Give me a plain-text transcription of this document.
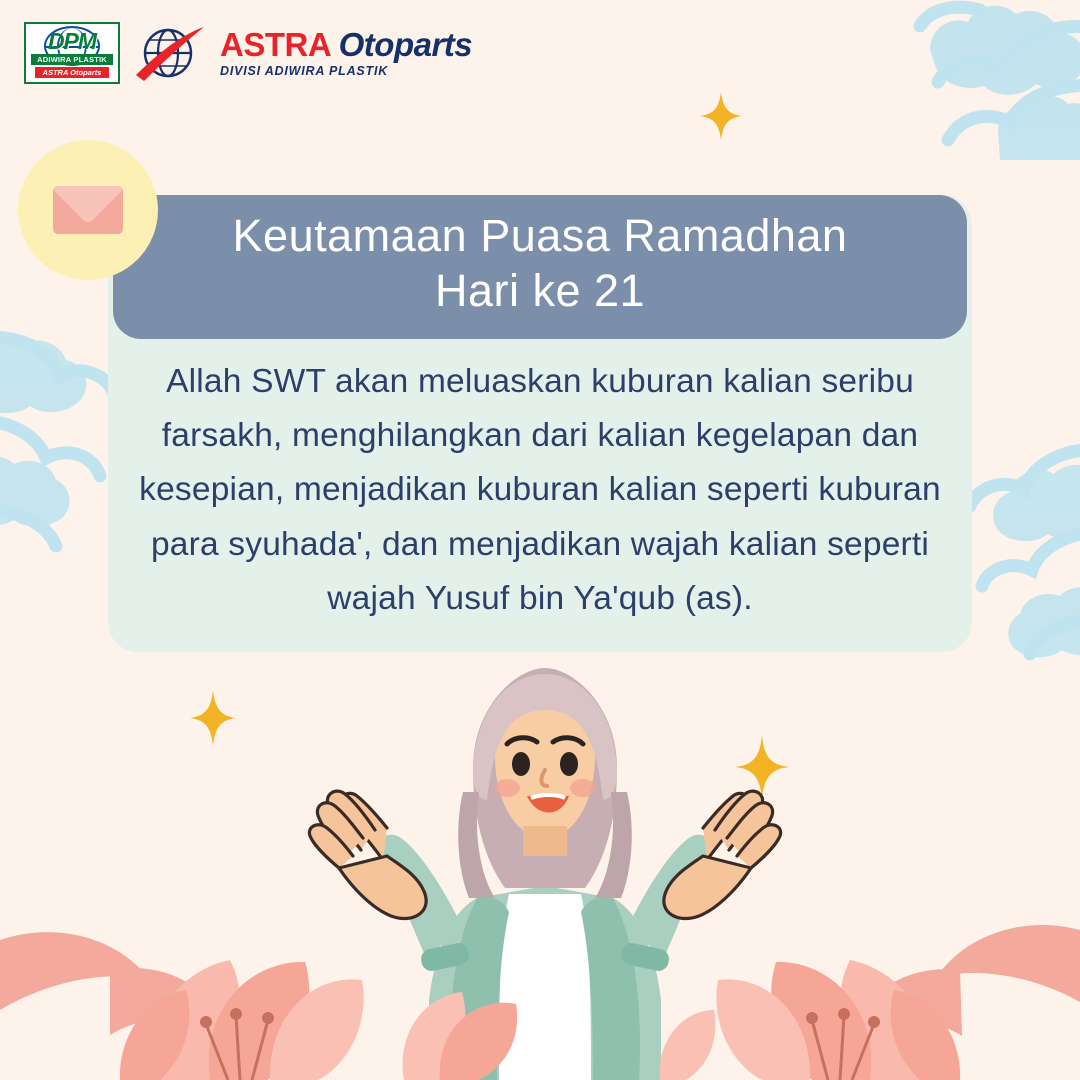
DPM
ADIWIRA PLASTIK
ASTRA Otoparts
ASTRA Otoparts
DIVISI ADIWIRA PLASTIK
Keutamaan Puasa Ramadhan
Hari ke 21
Allah SWT akan meluaskan kuburan kalian seribu farsakh, menghilangkan dari kalian kegelapan dan kesepian, menjadikan kuburan kalian seperti kuburan para syuhada', dan menjadikan wajah kalian seperti wajah Yusuf bin Ya'qub (as).
